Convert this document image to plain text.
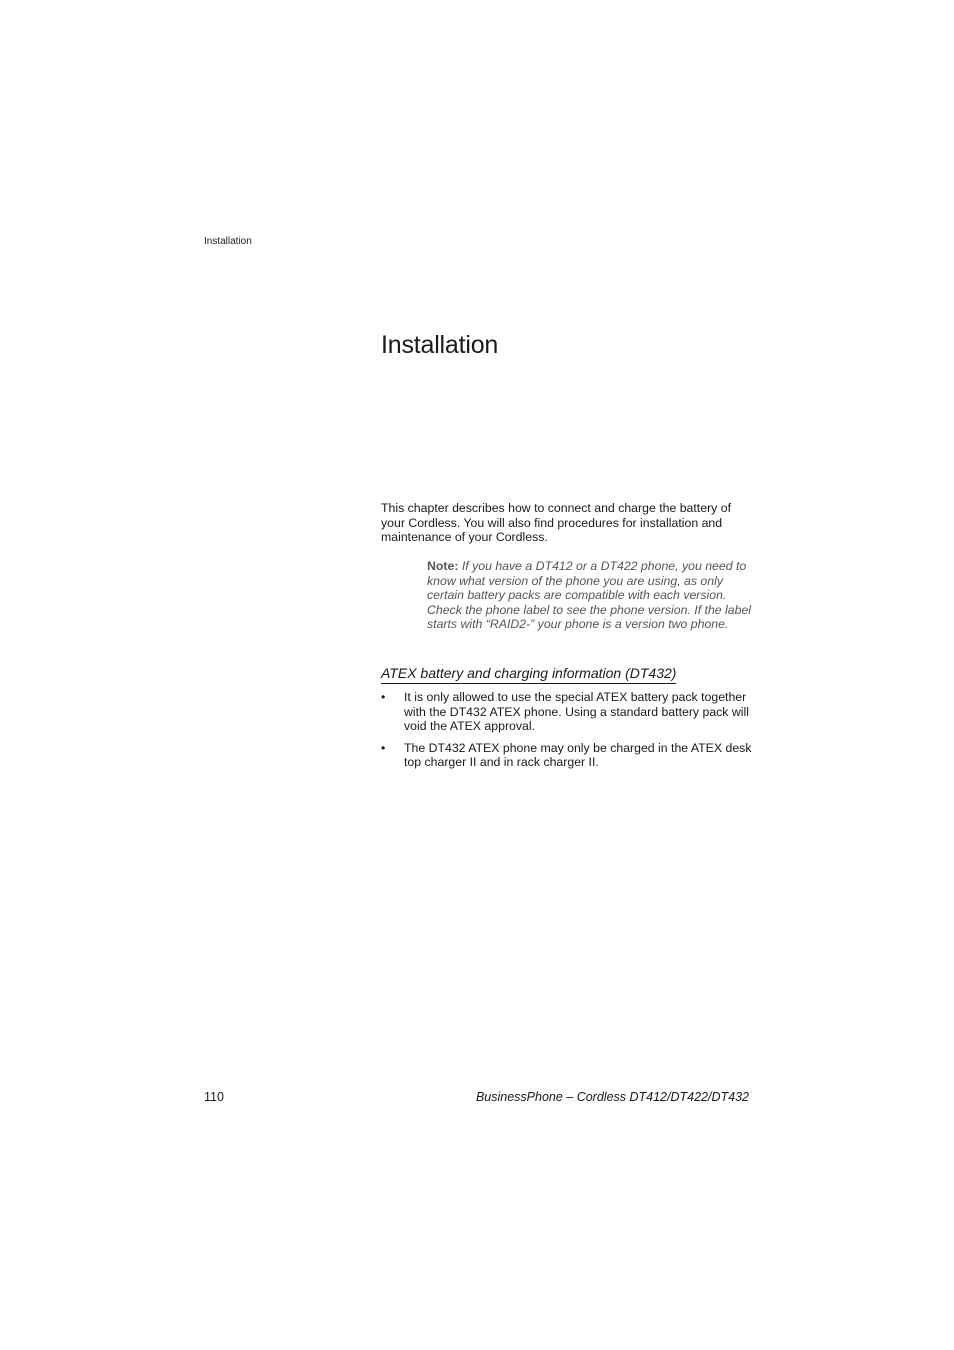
Installation
Installation

This chapter describes how to connect and charge the battery of your Cordless. You will also find procedures for installation and maintenance of your Cordless.

Note: If you have a DT412 or a DT422 phone, you need to know what version of the phone you are using, as only certain battery packs are compatible with each version. Check the phone label to see the phone version. If the label starts with “RAID2-” your phone is a version two phone.

ATEX battery and charging information (DT432)
• It is only allowed to use the special ATEX battery pack together with the DT432 ATEX phone. Using a standard battery pack will void the ATEX approval.
• The DT432 ATEX phone may only be charged in the ATEX desk top charger II and in rack charger II.
110	BusinessPhone – Cordless DT412/DT422/DT432
